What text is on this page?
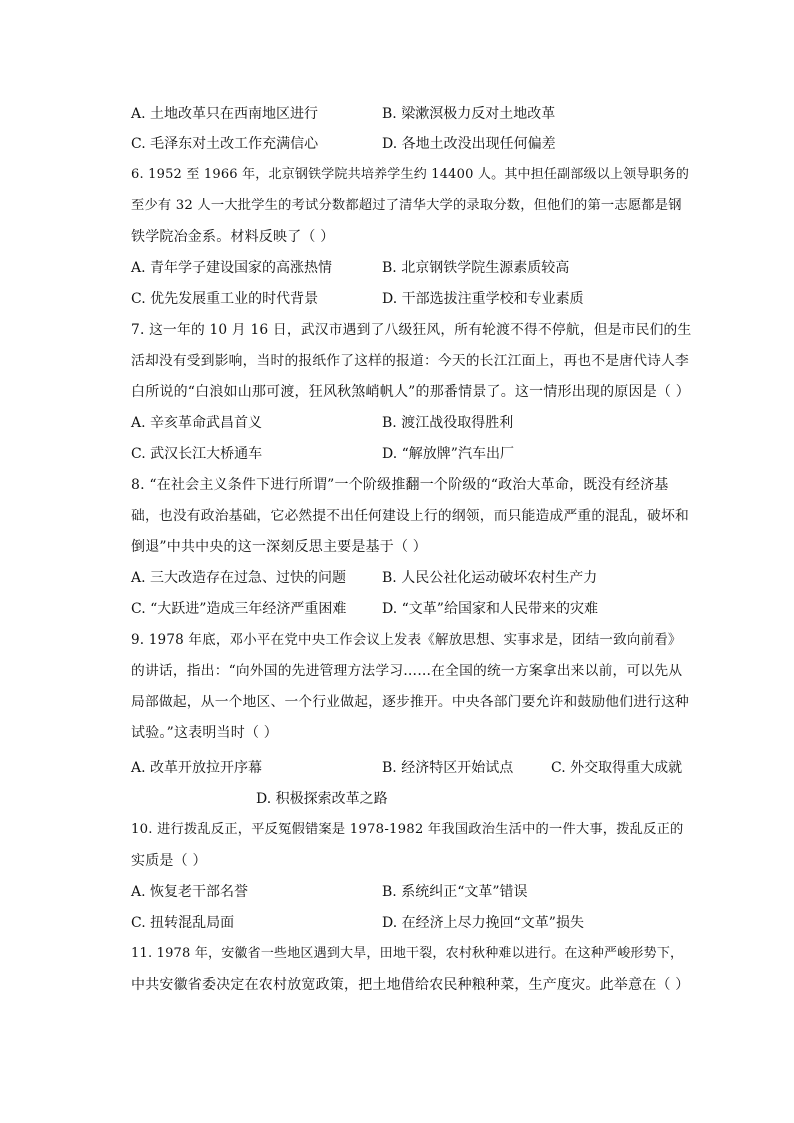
A. 土地改革只在西南地区进行	B. 梁漱溟极力反对土地改革
C. 毛泽东对土改工作充满信心	D. 各地土改没出现任何偏差
6. 1952 至 1966 年，北京钢铁学院共培养学生约 14400 人。其中担任副部级以上领导职务的
至少有 32 人一大批学生的考试分数都超过了清华大学的录取分数，但他们的第一志愿都是钢
铁学院冶金系。材料反映了（ ）
A. 青年学子建设国家的高涨热情	B. 北京钢铁学院生源素质较高
C. 优先发展重工业的时代背景	D. 干部选拔注重学校和专业素质
7. 这一年的 10 月 16 日，武汉市遇到了八级狂风，所有轮渡不得不停航，但是市民们的生
活却没有受到影响，当时的报纸作了这样的报道：今天的长江江面上，再也不是唐代诗人李
白所说的“白浪如山那可渡，狂风秋煞峭帆人”的那番情景了。这一情形出现的原因是（ ）
A. 辛亥革命武昌首义	B. 渡江战役取得胜利
C. 武汉长江大桥通车	D. “解放牌”汽车出厂
8. “在社会主义条件下进行所谓”一个阶级推翻一个阶级的“政治大革命，既没有经济基
础，也没有政治基础，它必然提不出任何建设上行的纲领，而只能造成严重的混乱，破坏和
倒退”中共中央的这一深刻反思主要是基于（ ）
A. 三大改造存在过急、过快的问题	B. 人民公社化运动破坏农村生产力
C. “大跃进”造成三年经济严重困难	D. “文革”给国家和人民带来的灾难
9. 1978 年底，邓小平在党中央工作会议上发表《解放思想、实事求是，团结一致向前看》
的讲话，指出：“向外国的先进管理方法学习……在全国的统一方案拿出来以前，可以先从
局部做起，从一个地区、一个行业做起，逐步推开。中央各部门要允许和鼓励他们进行这种
试验。”这表明当时（ ）
A. 改革开放拉开序幕	B. 经济特区开始试点	C. 外交取得重大成就
D. 积极探索改革之路
10. 进行拨乱反正，平反冤假错案是 1978-1982 年我国政治生活中的一件大事，拨乱反正的
实质是（ ）
A. 恢复老干部名誉	B. 系统纠正“文革”错误
C. 扭转混乱局面	D. 在经济上尽力挽回“文革”损失
11. 1978 年，安徽省一些地区遇到大旱，田地干裂，农村秋种难以进行。在这种严峻形势下，
中共安徽省委决定在农村放宽政策，把土地借给农民种粮种菜，生产度灾。此举意在（ ）
